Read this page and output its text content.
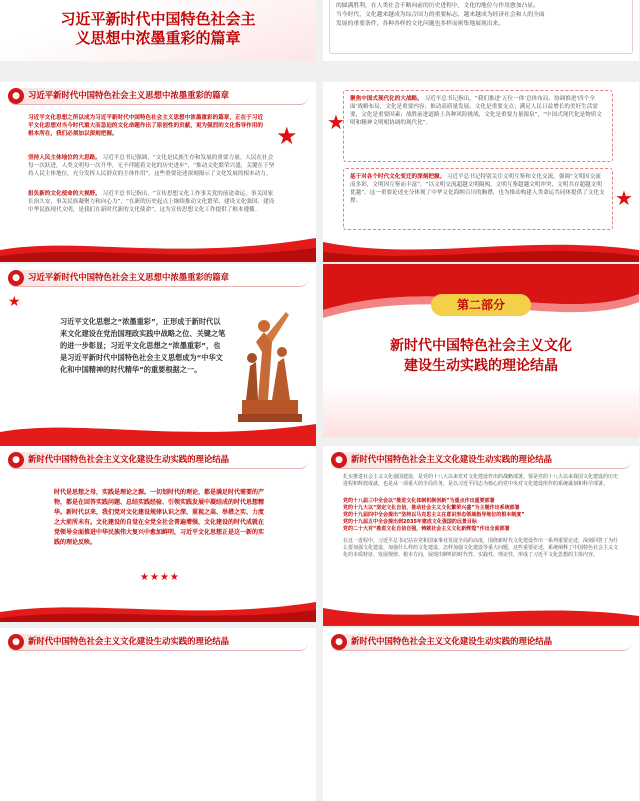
习近平新时代中国特色社会主
义思想中浓墨重彩的篇章
的圆满胜利，在人类社会不断向前的历史进程中，文化的地位与作用愈加凸显。
当今时代，文化越来越成为综合国力的重要标志，越来越成为经济社会和人的全面
发展的重要条件，各种各样的文化问题也多样而密集地展现出来。
● 习近平新时代中国特色社会主义思想中浓墨重彩的篇章
习近平文化思想之所以成为习近平新时代中国特色社会主义思想中浓墨重彩的篇章，正在于习近平文化思想对当今时代重大而急迫的文化命题作出了原创性的贡献，更为强烈的文化指导作用的根本所在，我们必须加以深刻把握。	★
坚持人民主体地位的大思路。 习近平总书记强调，“文化是民族生存和发展的重要力量。人民在社会每一次跃进，人类文明每一次升华，无不伴随着文化的历史进步”，“推动文化繁荣兴盛，关键在于坚持人民主体地位，充分发挥人民群众的主体作用”。这些重要论述深刻揭示了文化发展的根本动力。
担负新的文化使命的大视野。 习近平总书记指出，“宣传思想文化工作事关党的前途命运，事关国家长治久安，事关民族凝聚力和向心力”，“在新的历史起点上继续推动文化繁荣、建设文化强国、建设中华民族现代文明，是我们在新时代新的文化使命”。这为宣传思想文化工作提供了根本遵循。
聚焦中国式现代化的大战略。 习近平总书记指出，“我们推进‘五位一体’总体布局、协调推进‘四个全面’战略布局，文化是重要内容；推动高质量发展，文化是重要支点；满足人民日益增长的美好生活需要，文化是重要因素；战胜前进道路上各种风险挑战，文化是重要力量源泉”，“中国式现代化是物质文明和精神文明相协调的现代化”。
★
基于对各个时代文化变迁的深刻把握。 习近平总书记特别关注文明互鉴和文化交流，强调“文明因交流而多彩，文明因互鉴而丰富”，“以文明交流超越文明隔阂、文明互鉴超越文明冲突、文明共存超越文明优越”。这一重要论述充分体现了中华文化海纳百川的胸襟，也为推动构建人类命运共同体提供了文化支撑。	★
● 习近平新时代中国特色社会主义思想中浓墨重彩的篇章
习近平文化思想之“浓墨重彩”，正形成于新时代以来文化建设在党治国理政实践中战略之位、关键之笔的进一步彰显；习近平文化思想之“浓墨重彩”，也是习近平新时代中国特色社会主义思想成为“中华文化和中国精神的时代精华”的重要根据之一。
★	第二部分
新时代中国特色社会主义文化
建设生动实践的理论结晶
● 新时代中国特色社会主义文化建设生动实践的理论结晶
时代是思想之母，实践是理论之源。一切划时代的理论，都是满足时代需要的产物，都是在回答实践问题、总结实践经验、引领实践发展中凝结成的时代思想精华。新时代以来，我们党对文化建设规律认识之深、重视之高、举措之实、力度之大前所未有。文化建设的自觉在全党全社会普遍增强，文化建设的时代成就在党领导全面推进中华民族伟大复兴中愈加鲜明，习近平文化思想正是这一新的实践的理论反映。
★★★★
● 新时代中国特色社会主义文化建设生动实践的理论结晶
扎实推进社会主义文化强国建设，是党的十八大以来党对文化建设作出的战略部署，要是党的十八大以来我国文化建设的历史进程和辉煌成就，也是从一项重大的全局任务，是以习近平同志为核心的党中央对文化建设所作的系统谋划和科学部署。
党的十八届三中全会以“推进文化体制机制创新”为重点作出重要部署
党的十九大以“坚定文化自信，推动社会主义文化繁荣兴盛”为主题作出系统部署
党的十九届四中全会提出“坚持以马克思主义在意识形态领域指导地位的根本制度”
党的十九届五中全会提出到2035年建成文化强国的远景目标
党的二十大对“推进文化自信自强，铸就社会主义文化新辉煌”作出全面部署
在这一进程中，习近平总书记站在党和国家事业发展全局的高度，围绕新时代文化建设作出一系列重要论述，深刻回答了为什么要加强文化建设、加强什么样的文化建设、怎样加强文化建设等重大问题。这些重要论述，系统阐释了中国特色社会主义文化的本质特征、发展规律、根本方向，展现出鲜明的时代性、实践性、理论性，形成了习近平文化思想的主体内容。
● 新时代中国特色社会主义文化建设生动实践的理论结晶	● 新时代中国特色社会主义文化建设生动实践的理论结晶
